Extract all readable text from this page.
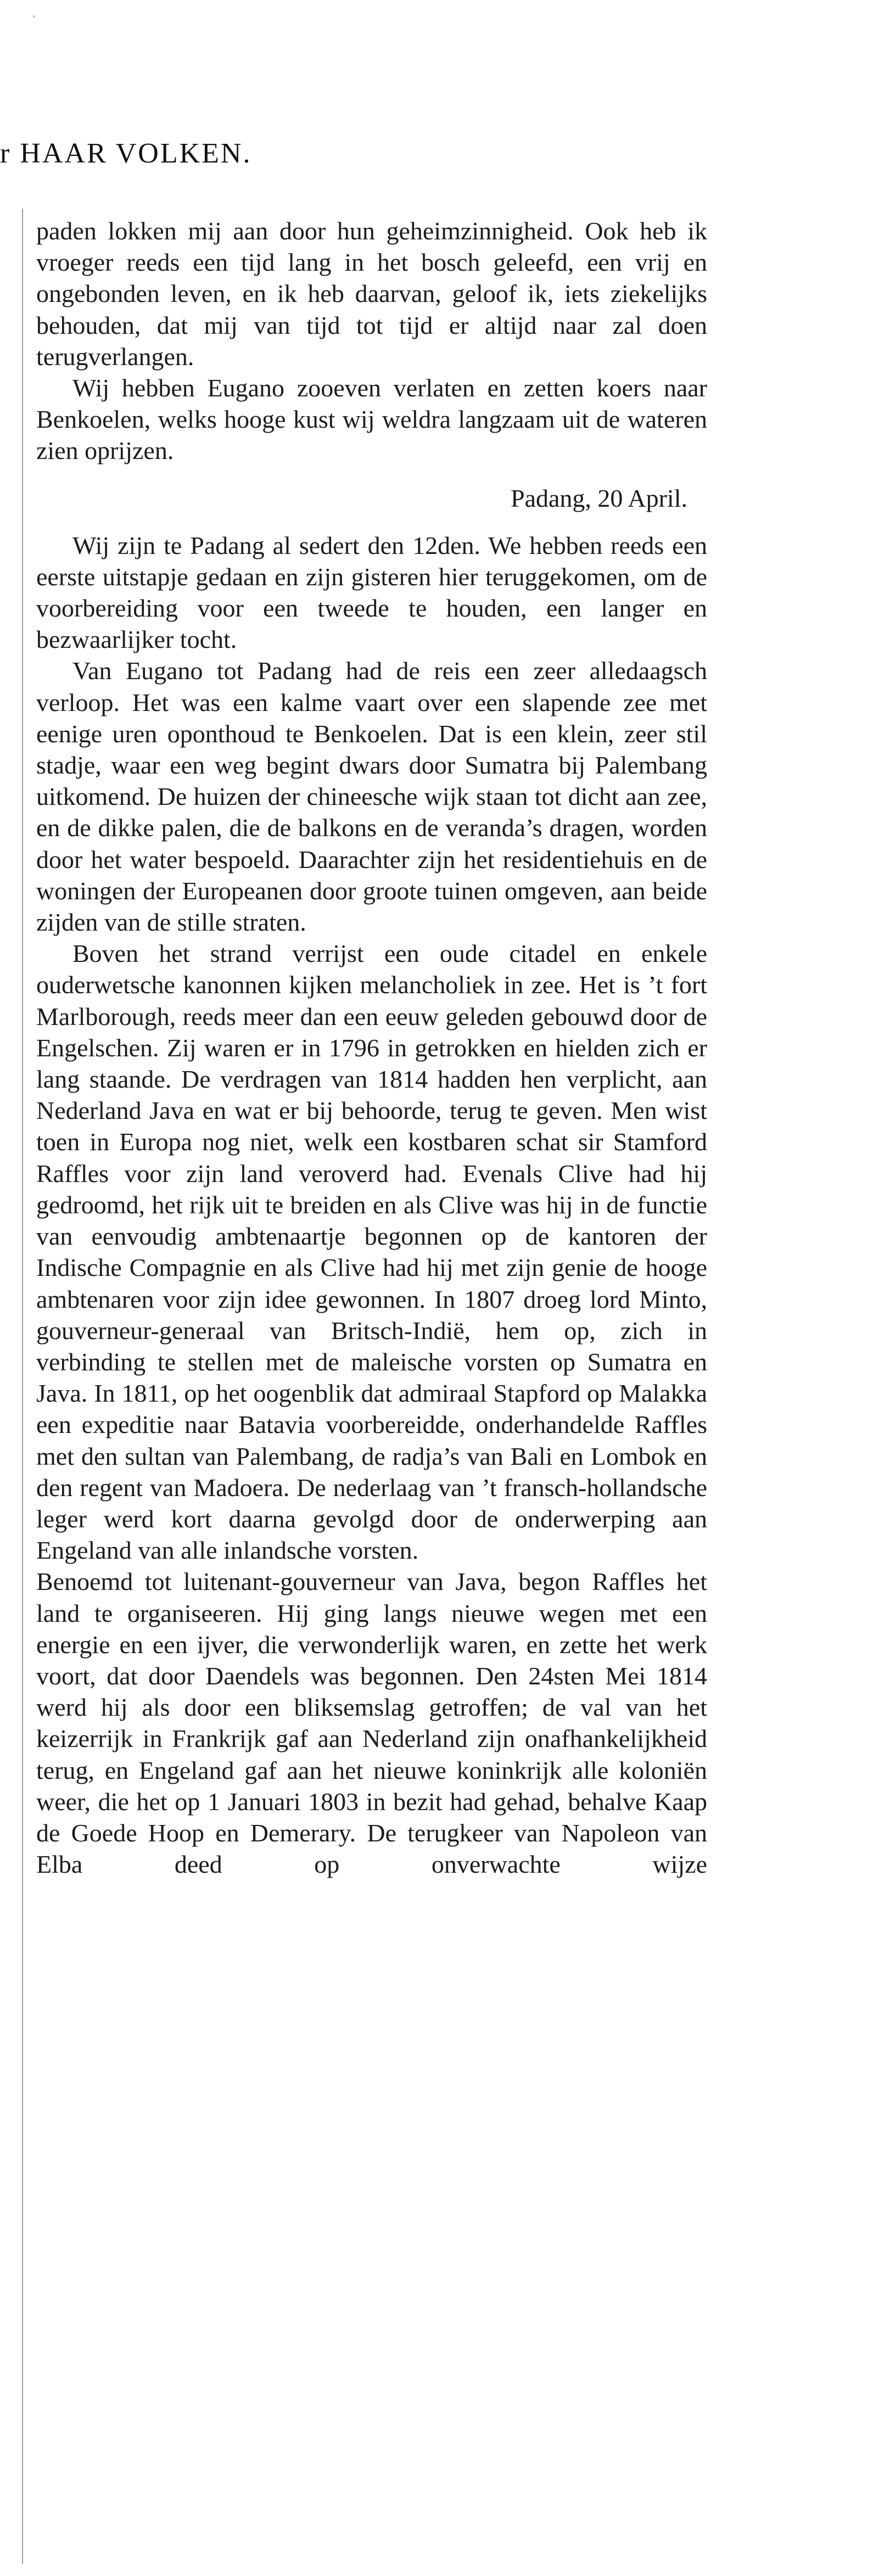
r HAAR VOLKEN.

paden lokken mij aan door hun geheimzinnigheid. Ook heb ik vroeger reeds een tijd lang in het bosch geleefd, een vrij en ongebonden leven, en ik heb daarvan, geloof ik, iets ziekelijks behouden, dat mij van tijd tot tijd er altijd naar zal doen terugverlangen.

Wij hebben Eugano zooeven verlaten en zetten koers naar Benkoelen, welks hooge kust wij weldra langzaam uit de wateren zien oprijzen.

Padang, 20 April.

Wij zijn te Padang al sedert den 12den. We hebben reeds een eerste uitstapje gedaan en zijn gisteren hier teruggekomen, om de voorbereiding voor een tweede te houden, een langer en bezwaarlijker tocht.

Van Eugano tot Padang had de reis een zeer alledaagsch verloop. Het was een kalme vaart over een slapende zee met eenige uren oponthoud te Benkoelen. Dat is een klein, zeer stil stadje, waar een weg begint dwars door Sumatra bij Palembang uitkomend. De huizen der chineesche wijk staan tot dicht aan zee, en de dikke palen, die de balkons en de veranda’s dragen, worden door het water bespoeld. Daarachter zijn het residentiehuis en de woningen der Europeanen door groote tuinen omgeven, aan beide zijden van de stille straten.

Boven het strand verrijst een oude citadel en enkele ouderwetsche kanonnen kijken melancholiek in zee. Het is ’t fort Marlborough, reeds meer dan een eeuw geleden gebouwd door de Engelschen. Zij waren er in 1796 in getrokken en hielden zich er lang staande. De verdragen van 1814 hadden hen verplicht, aan Nederland Java en wat er bij behoorde, terug te geven. Men wist toen in Europa nog niet, welk een kostbaren schat sir Stamford Raffles voor zijn land veroverd had. Evenals Clive had hij gedroomd, het rijk uit te breiden en als Clive was hij in de functie van eenvoudig ambtenaartje begonnen op de kantoren der Indische Compagnie en als Clive had hij met zijn genie de hooge ambtenaren voor zijn idee gewonnen. In 1807 droeg lord Minto, gouverneur-generaal van Britsch-Indië, hem op, zich in verbinding te stellen met de maleische vorsten op Sumatra en Java. In 1811, op het oogenblik dat admiraal Stapford op Malakka een expeditie naar Batavia voorbereidde, onderhandelde Raffles met den sultan van Palembang, de radja’s van Bali en Lombok en den regent van Madoera. De nederlaag van ’t fransch-hollandsche leger werd kort daarna gevolgd door de onderwerping aan Engeland van alle inlandsche vorsten.

Benoemd tot luitenant-gouverneur van Java, begon Raffles het land te organiseeren. Hij ging langs nieuwe wegen met een energie en een ijver, die verwonderlijk waren, en zette het werk voort, dat door Daendels was begonnen. Den 24sten Mei 1814 werd hij als door een bliksemslag getroffen; de val van het keizerrijk in Frankrijk gaf aan Nederland zijn onafhankelijkheid terug, en Engeland gaf aan het nieuwe koninkrijk alle koloniën weer, die het op 1 Januari 1803 in bezit had gehad, behalve Kaap de Goede Hoop en Demerary. De terugkeer van Napoleon van Elba deed op onverwachte wijze
